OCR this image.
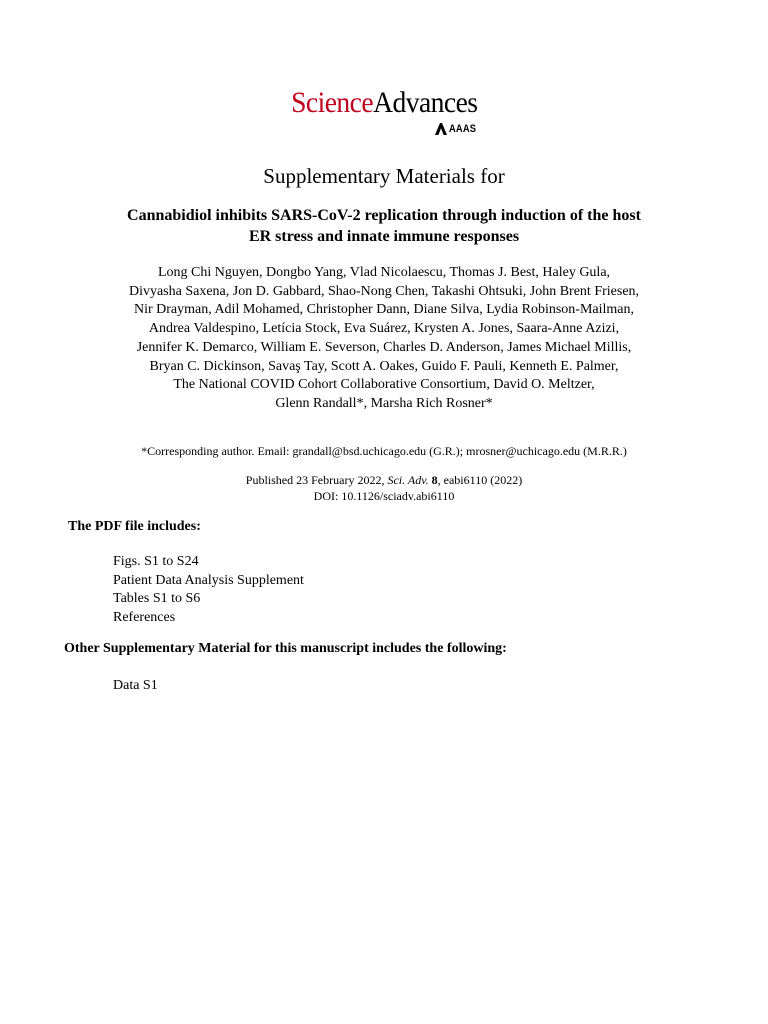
ScienceAdvances
AAAS
Supplementary Materials for
Cannabidiol inhibits SARS-CoV-2 replication through induction of the host
ER stress and innate immune responses
Long Chi Nguyen, Dongbo Yang, Vlad Nicolaescu, Thomas J. Best, Haley Gula,
Divyasha Saxena, Jon D. Gabbard, Shao-Nong Chen, Takashi Ohtsuki, John Brent Friesen,
Nir Drayman, Adil Mohamed, Christopher Dann, Diane Silva, Lydia Robinson-Mailman,
Andrea Valdespino, Letícia Stock, Eva Suárez, Krysten A. Jones, Saara-Anne Azizi,
Jennifer K. Demarco, William E. Severson, Charles D. Anderson, James Michael Millis,
Bryan C. Dickinson, Savaş Tay, Scott A. Oakes, Guido F. Pauli, Kenneth E. Palmer,
The National COVID Cohort Collaborative Consortium, David O. Meltzer,
Glenn Randall*, Marsha Rich Rosner*
*Corresponding author. Email: grandall@bsd.uchicago.edu (G.R.); mrosner@uchicago.edu (M.R.R.)
Published 23 February 2022, Sci. Adv. 8, eabi6110 (2022)
DOI: 10.1126/sciadv.abi6110
The PDF file includes:
Figs. S1 to S24
Patient Data Analysis Supplement
Tables S1 to S6
References
Other Supplementary Material for this manuscript includes the following:
Data S1
